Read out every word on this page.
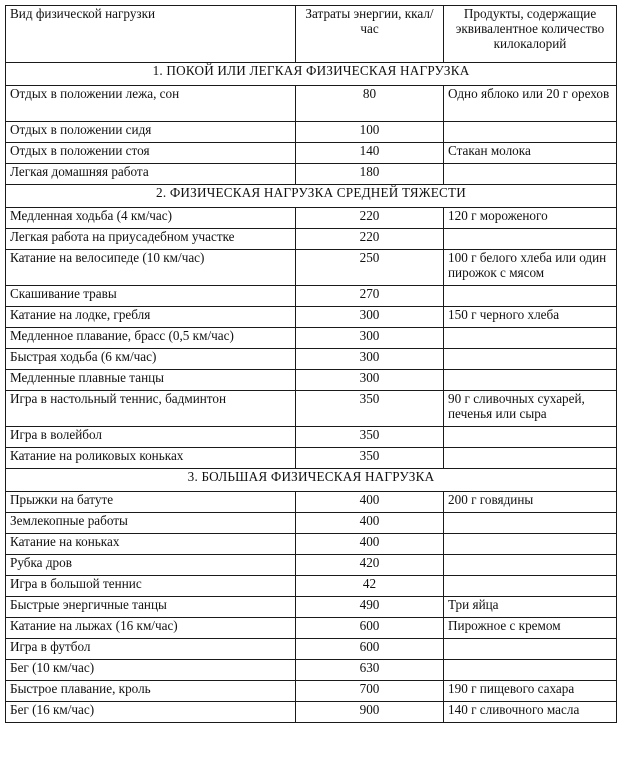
Вид физической нагрузки	Затраты энергии, ккал/час	Продукты, содержащие эквивалентное количество килокалорий
1. ПОКОЙ ИЛИ ЛЕГКАЯ ФИЗИЧЕСКАЯ НАГРУЗКА		
Отдых в положении лежа, сон	80	Одно яблоко или 20 г орехов
Отдых в положении сидя	100	
Отдых в положении стоя	140	Стакан молока
Легкая домашняя работа	180	
2. ФИЗИЧЕСКАЯ НАГРУЗКА СРЕДНЕЙ ТЯЖЕСТИ		
Медленная ходьба (4 км/час)	220	120 г мороженого
Легкая работа на приусадебном участке	220	
Катание на велосипеде (10 км/час)	250	100 г белого хлеба или один пирожок с мясом
Скашивание травы	270	
Катание на лодке, гребля	300	150 г черного хлеба
Медленное плавание, брасс (0,5 км/час)	300	
Быстрая ходьба (6 км/час)	300	
Медленные плавные танцы	300	
Игра в настольный теннис, бадминтон	350	90 г сливочных сухарей, печенья или сыра
Игра в волейбол	350	
Катание на роликовых коньках	350	
3. БОЛЬШАЯ ФИЗИЧЕСКАЯ НАГРУЗКА		
Прыжки на батуте	400	200 г говядины
Землекопные работы	400	
Катание на коньках	400	
Рубка дров	420	
Игра в большой теннис	42	
Быстрые энергичные танцы	490	Три яйца
Катание на лыжах (16 км/час)	600	Пирожное с кремом
Игра в футбол	600	
Бег (10 км/час)	630	
Быстрое плавание, кроль	700	190 г пищевого сахара
Бег (16 км/час)	900	140 г сливочного масла
